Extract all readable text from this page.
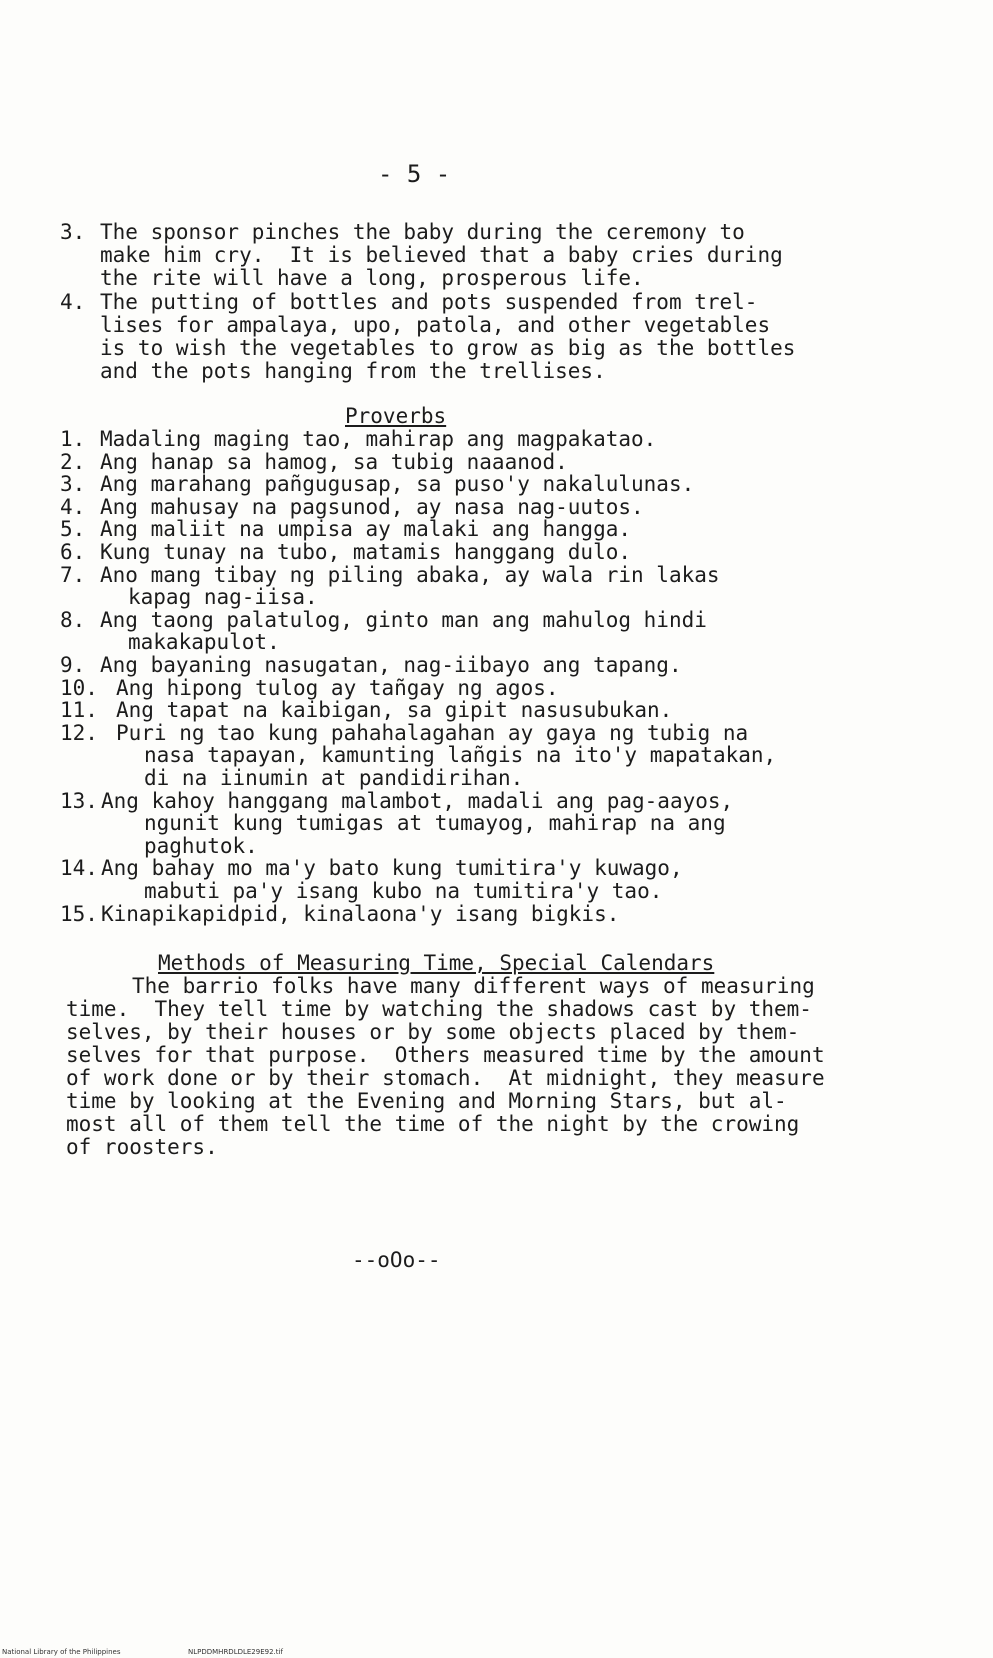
- 5 -
3. The sponsor pinches the baby during the ceremony to
make him cry.  It is believed that a baby cries during
the rite will have a long, prosperous life.
4. The putting of bottles and pots suspended from trel-
lises for ampalaya, upo, patola, and other vegetables
is to wish the vegetables to grow as big as the bottles
and the pots hanging from the trellises.
Proverbs
1. Madaling maging tao, mahirap ang magpakatao.
2. Ang hanap sa hamog, sa tubig naaanod.
3. Ang marahang pañgugusap, sa puso'y nakalulunas.
4. Ang mahusay na pagsunod, ay nasa nag-uutos.
5. Ang maliit na umpisa ay malaki ang hangga.
6. Kung tunay na tubo, matamis hanggang dulo.
7. Ano mang tibay ng piling abaka, ay wala rin lakas
kapag nag-iisa.
8. Ang taong palatulog, ginto man ang mahulog hindi
makakapulot.
9. Ang bayaning nasugatan, nag-iibayo ang tapang.
10. Ang hipong tulog ay tañgay ng agos.
11. Ang tapat na kaibigan, sa gipit nasusubukan.
12. Puri ng tao kung pahahalagahan ay gaya ng tubig na
nasa tapayan, kamunting lañgis na ito'y mapatakan,
di na iinumin at pandidirihan.
13. Ang kahoy hanggang malambot, madali ang pag-aayos,
ngunit kung tumigas at tumayog, mahirap na ang
paghutok.
14. Ang bahay mo ma'y bato kung tumitira'y kuwago,
mabuti pa'y isang kubo na tumitira'y tao.
15. Kinapikapidpid, kinalaona'y isang bigkis.
Methods of Measuring Time, Special Calendars
The barrio folks have many different ways of measuring
time.  They tell time by watching the shadows cast by them-
selves, by their houses or by some objects placed by them-
selves for that purpose.  Others measured time by the amount
of work done or by their stomach.  At midnight, they measure
time by looking at the Evening and Morning Stars, but al-
most all of them tell the time of the night by the crowing
of roosters.
--oOo--
National Library of the Philippines	NLPDDMHRDLDLE29E92.tif
